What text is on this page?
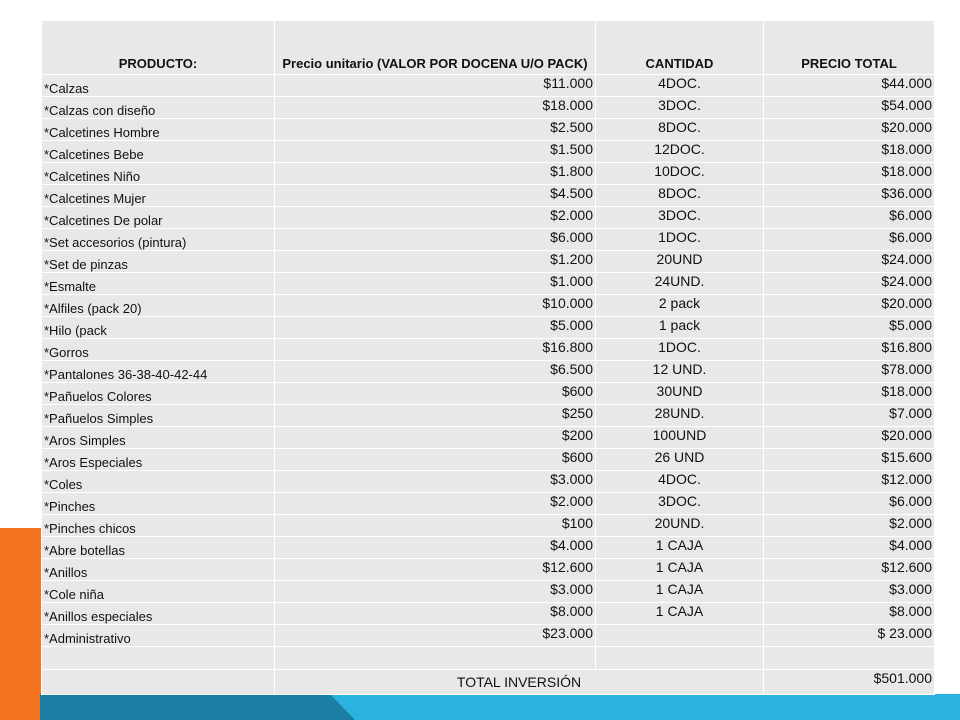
PRODUCTO:	Precio unitario (VALOR POR DOCENA U/O PACK)	CANTIDAD	PRECIO TOTAL
*Calzas	$11.000	4DOC.	$44.000
*Calzas con diseño	$18.000	3DOC.	$54.000
*Calcetines Hombre	$2.500	8DOC.	$20.000
*Calcetines Bebe	$1.500	12DOC.	$18.000
*Calcetines Niño	$1.800	10DOC.	$18.000
*Calcetines Mujer	$4.500	8DOC.	$36.000
*Calcetines De polar	$2.000	3DOC.	$6.000
*Set accesorios (pintura)	$6.000	1DOC.	$6.000
*Set de pinzas	$1.200	20UND	$24.000
*Esmalte	$1.000	24UND.	$24.000
*Alfiles (pack 20)	$10.000	2 pack	$20.000
*Hilo (pack	$5.000	1 pack	$5.000
*Gorros	$16.800	1DOC.	$16.800
*Pantalones 36-38-40-42-44	$6.500	12 UND.	$78.000
*Pañuelos Colores	$600	30UND	$18.000
*Pañuelos Simples	$250	28UND.	$7.000
*Aros Simples	$200	100UND	$20.000
*Aros Especiales	$600	26 UND	$15.600
*Coles	$3.000	4DOC.	$12.000
*Pinches	$2.000	3DOC.	$6.000
*Pinches chicos	$100	20UND.	$2.000
*Abre botellas	$4.000	1 CAJA	$4.000
*Anillos	$12.600	1 CAJA	$12.600
*Cole niña	$3.000	1 CAJA	$3.000
*Anillos especiales	$8.000	1 CAJA	$8.000
*Administrativo	$23.000		$ 23.000

	TOTAL INVERSIÓN		$501.000
